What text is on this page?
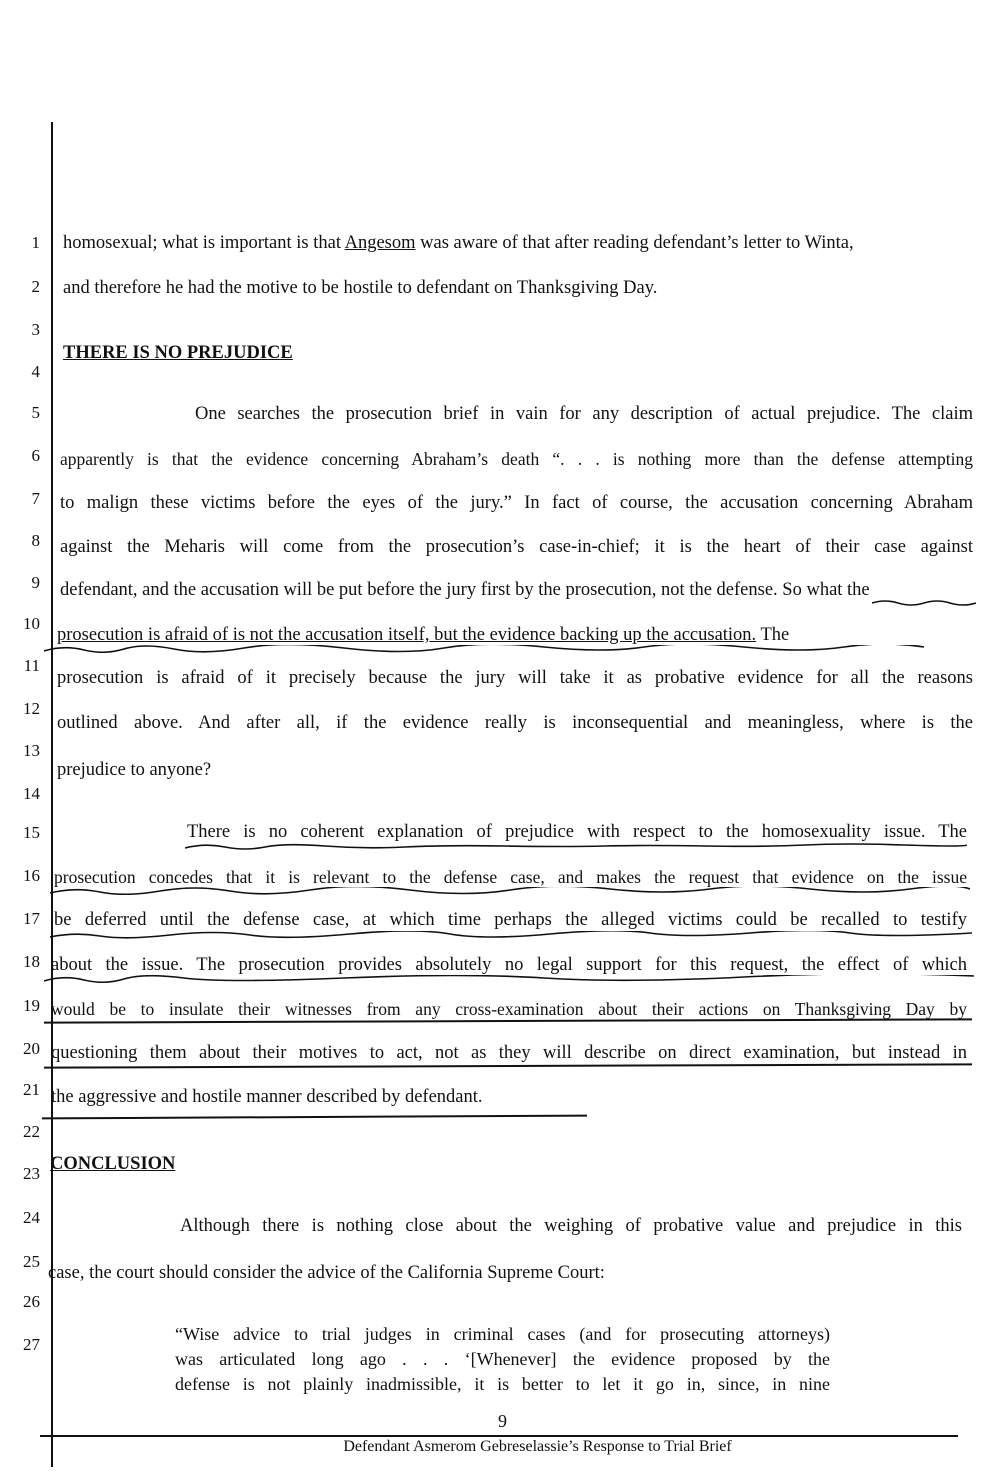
1
2
3
4
5
6
7
8
9
10
11
12
13
14
15
16
17
18
19
20
21
22
23
24
25
26
27
homosexual; what is important is that Angesom was aware of that after reading defendant’s letter to Winta,
and therefore he had the motive to be hostile to defendant on Thanksgiving Day.
THERE IS NO PREJUDICE
One searches the prosecution brief in vain for any description of actual prejudice. The claim
apparently is that the evidence concerning Abraham’s death “. . . is nothing more than the defense attempting
to malign these victims before the eyes of the jury.” In fact of course, the accusation concerning Abraham
against the Meharis will come from the prosecution’s case-in-chief; it is the heart of their case against
defendant, and the accusation will be put before the jury first by the prosecution, not the defense. So what the
prosecution is afraid of is not the accusation itself, but the evidence backing up the accusation. The
prosecution is afraid of it precisely because the jury will take it as probative evidence for all the reasons
outlined above. And after all, if the evidence really is inconsequential and meaningless, where is the
prejudice to anyone?
There is no coherent explanation of prejudice with respect to the homosexuality issue. The
prosecution concedes that it is relevant to the defense case, and makes the request that evidence on the issue
be deferred until the defense case, at which time perhaps the alleged victims could be recalled to testify
about the issue. The prosecution provides absolutely no legal support for this request, the effect of which
would be to insulate their witnesses from any cross-examination about their actions on Thanksgiving Day by
questioning them about their motives to act, not as they will describe on direct examination, but instead in
the aggressive and hostile manner described by defendant.
CONCLUSION
Although there is nothing close about the weighing of probative value and prejudice in this
case, the court should consider the advice of the California Supreme Court:
“Wise advice to trial judges in criminal cases (and for prosecuting attorneys)
was articulated long ago . . . ‘[Whenever] the evidence proposed by the
defense is not plainly inadmissible, it is better to let it go in, since, in nine
9
Defendant Asmerom Gebreselassie’s Response to Trial Brief
